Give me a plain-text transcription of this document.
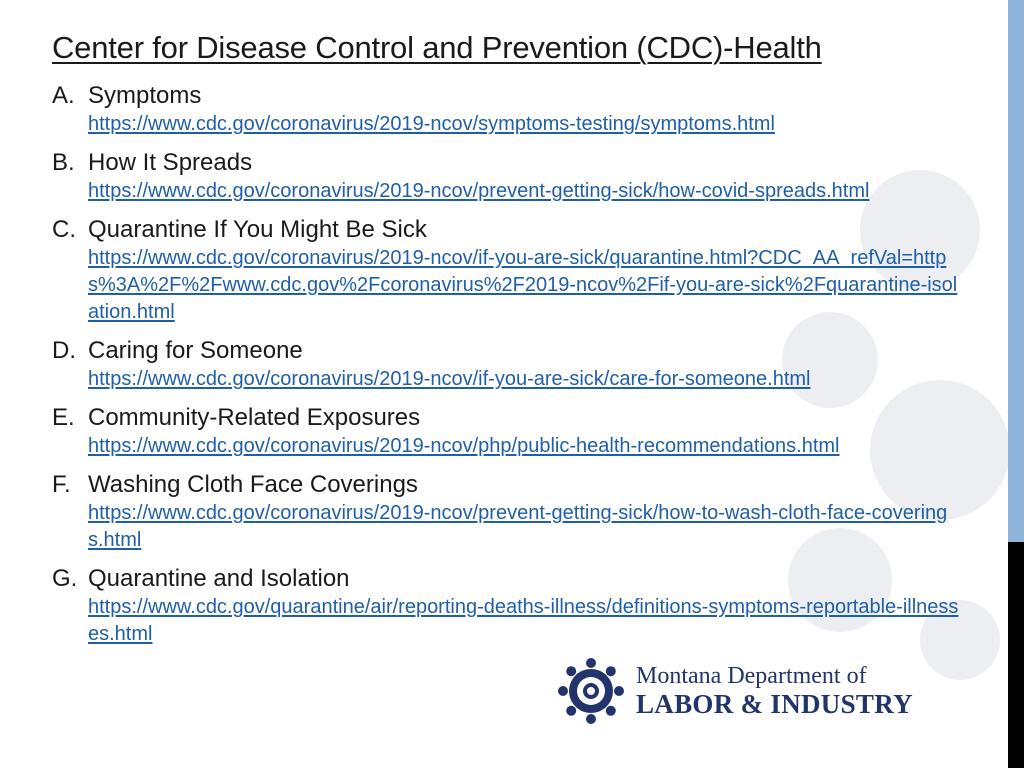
Center for Disease Control and Prevention (CDC)-Health
A. Symptoms
https://www.cdc.gov/coronavirus/2019-ncov/symptoms-testing/symptoms.html
B. How It Spreads
https://www.cdc.gov/coronavirus/2019-ncov/prevent-getting-sick/how-covid-spreads.html
C. Quarantine If You Might Be Sick
https://www.cdc.gov/coronavirus/2019-ncov/if-you-are-sick/quarantine.html?CDC_AA_refVal=https%3A%2F%2Fwww.cdc.gov%2Fcoronavirus%2F2019-ncov%2Fif-you-are-sick%2Fquarantine-isolation.html
D. Caring for Someone
https://www.cdc.gov/coronavirus/2019-ncov/if-you-are-sick/care-for-someone.html
E. Community-Related Exposures
https://www.cdc.gov/coronavirus/2019-ncov/php/public-health-recommendations.html
F. Washing Cloth Face Coverings
https://www.cdc.gov/coronavirus/2019-ncov/prevent-getting-sick/how-to-wash-cloth-face-coverings.html
G. Quarantine and Isolation
https://www.cdc.gov/quarantine/air/reporting-deaths-illness/definitions-symptoms-reportable-illnesses.html
Montana Department of
LABOR & INDUSTRY
